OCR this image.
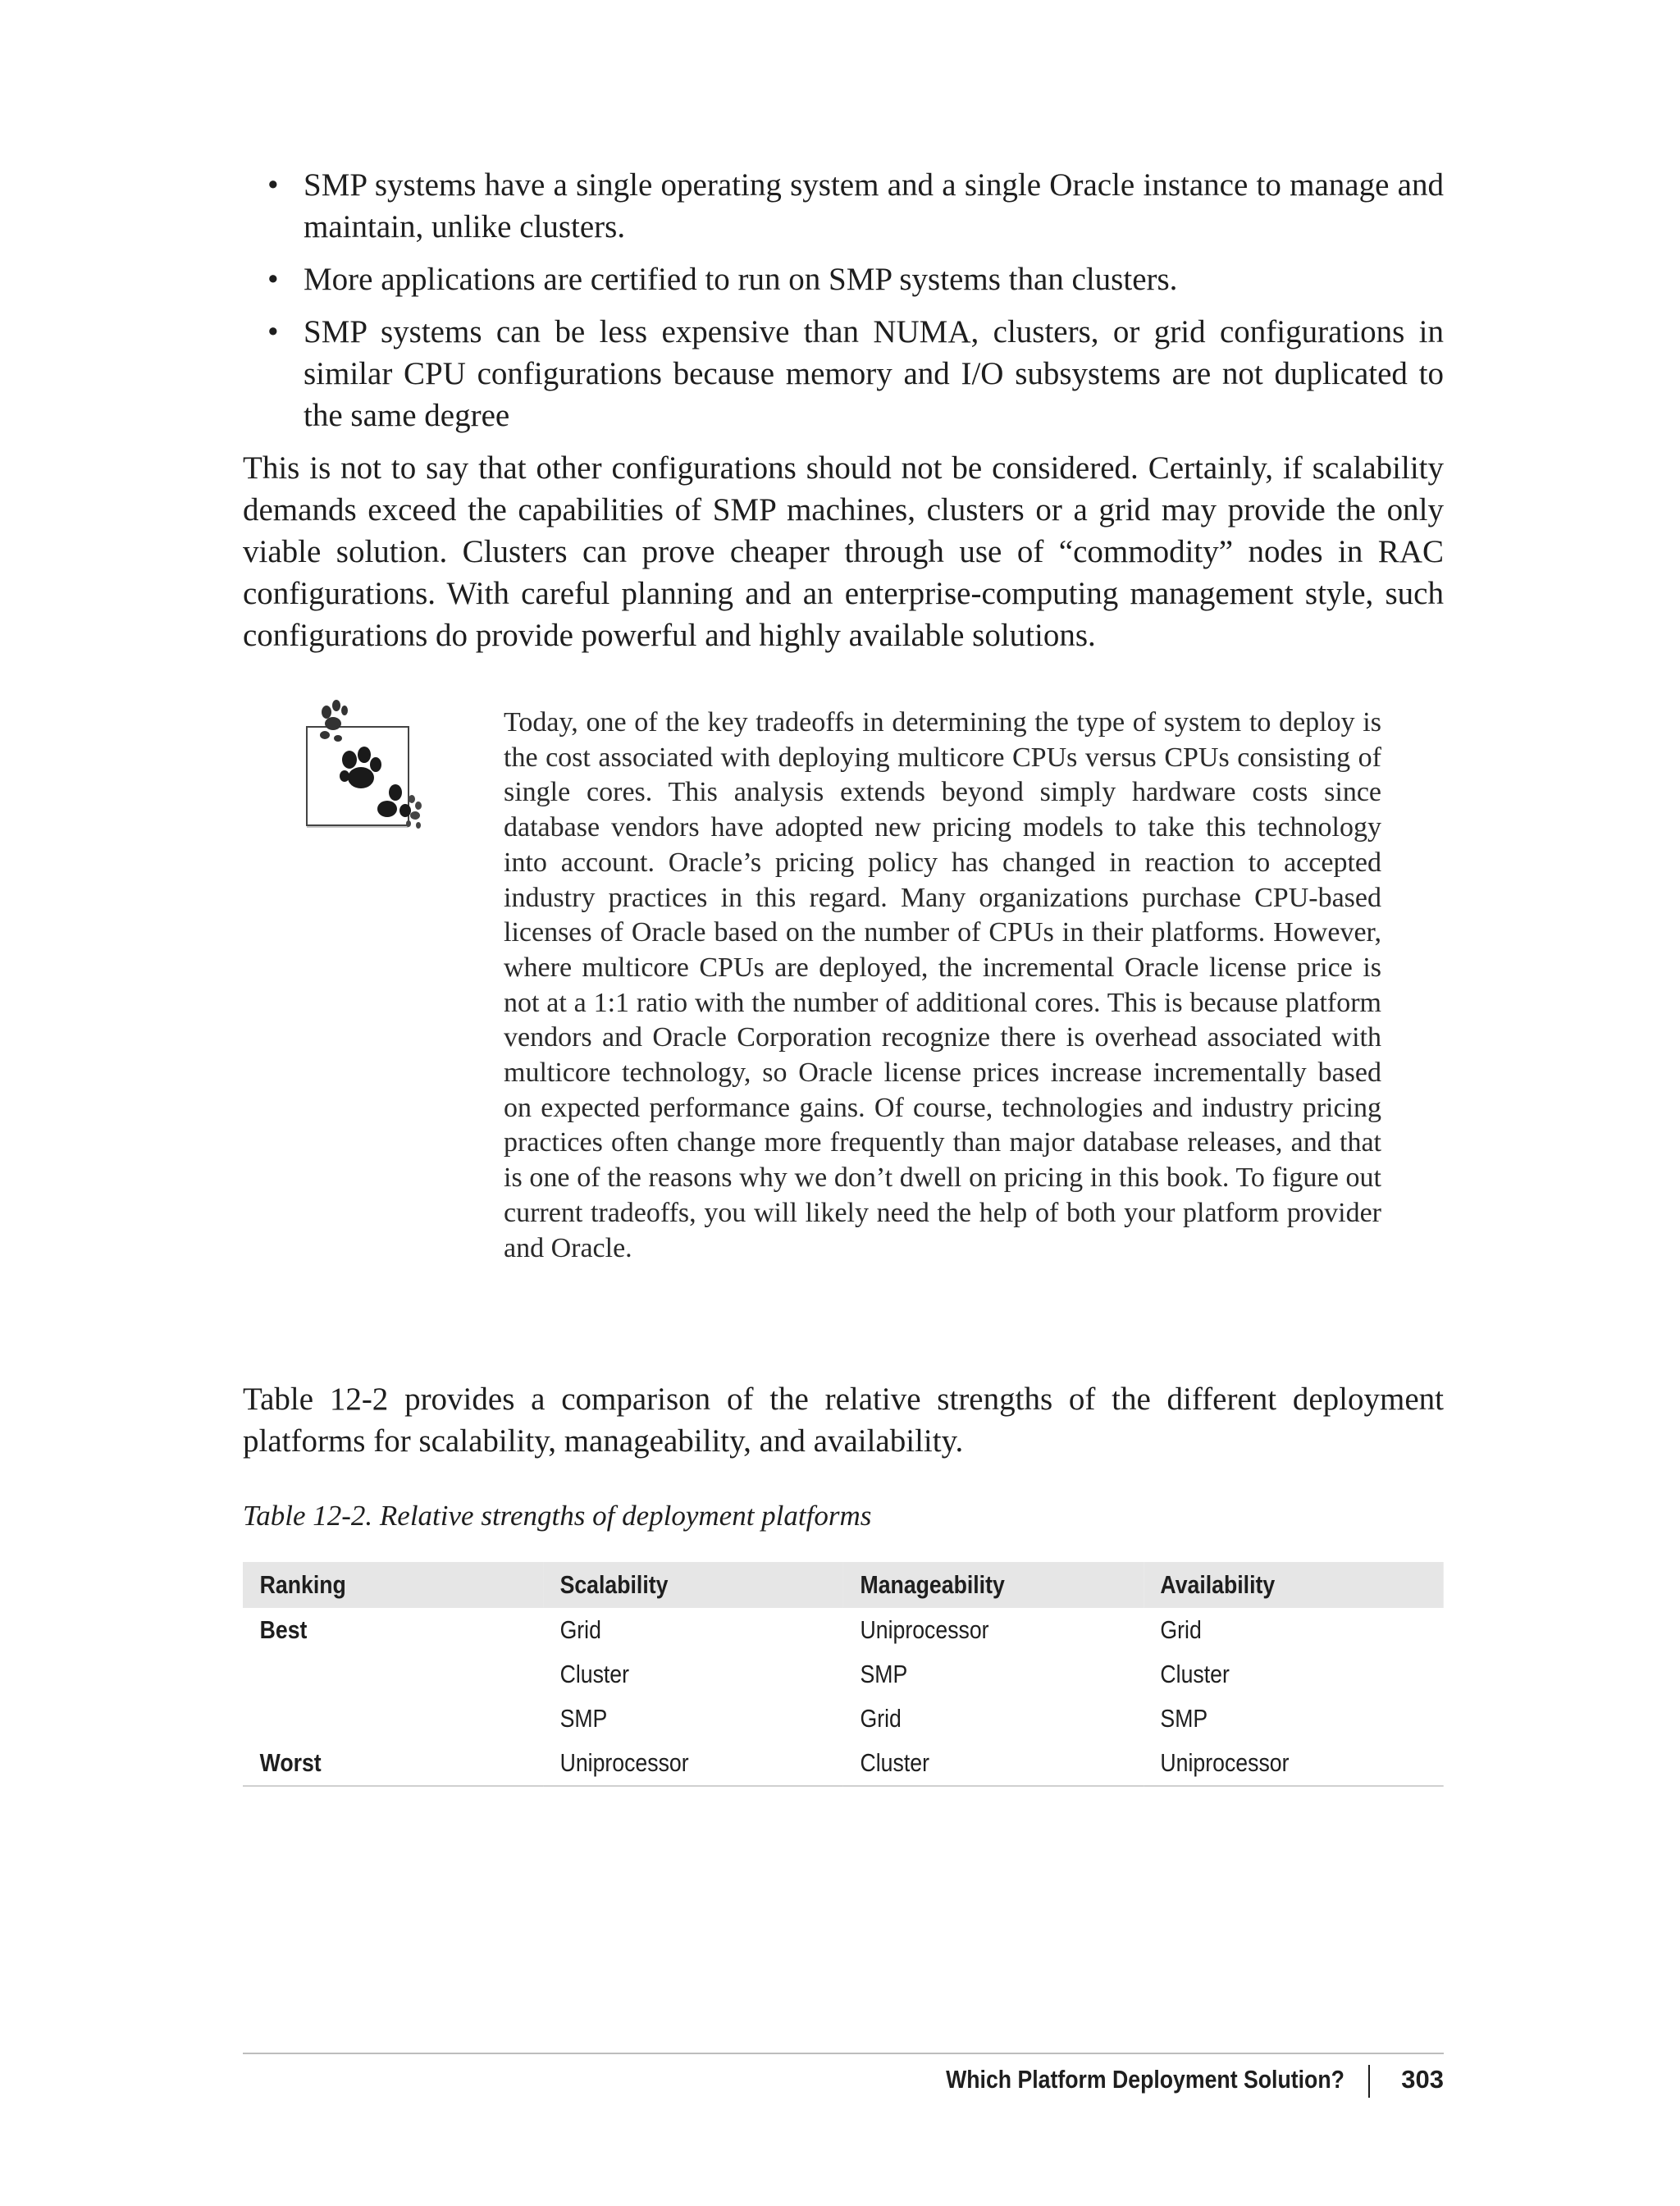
• SMP systems have a single operating system and a single Oracle instance to manage and maintain, unlike clusters.
• More applications are certified to run on SMP systems than clusters.
• SMP systems can be less expensive than NUMA, clusters, or grid configurations in similar CPU configurations because memory and I/O subsystems are not duplicated to the same degree

This is not to say that other configurations should not be considered. Certainly, if scalability demands exceed the capabilities of SMP machines, clusters or a grid may provide the only viable solution. Clusters can prove cheaper through use of “commodity” nodes in RAC configurations. With careful planning and an enterprise-computing management style, such configurations do provide powerful and highly available solutions.

Today, one of the key tradeoffs in determining the type of system to deploy is the cost associated with deploying multicore CPUs versus CPUs consisting of single cores. This analysis extends beyond simply hardware costs since database vendors have adopted new pricing models to take this technology into account. Oracle’s pricing policy has changed in reaction to accepted industry practices in this regard. Many organizations purchase CPU-based licenses of Oracle based on the number of CPUs in their platforms. However, where multicore CPUs are deployed, the incremental Oracle license price is not at a 1:1 ratio with the number of additional cores. This is because platform vendors and Oracle Corporation recognize there is overhead associated with multicore technology, so Oracle license prices increase incrementally based on expected performance gains. Of course, technologies and industry pricing practices often change more frequently than major database releases, and that is one of the reasons why we don’t dwell on pricing in this book. To figure out current tradeoffs, you will likely need the help of both your platform provider and Oracle.

Table 12-2 provides a comparison of the relative strengths of the different deployment platforms for scalability, manageability, and availability.

Table 12-2. Relative strengths of deployment platforms
Ranking	Scalability	Manageability	Availability
Best	Grid	Uniprocessor	Grid
	Cluster	SMP	Cluster
	SMP	Grid	SMP
Worst	Uniprocessor	Cluster	Uniprocessor
Which Platform Deployment Solution? 303
